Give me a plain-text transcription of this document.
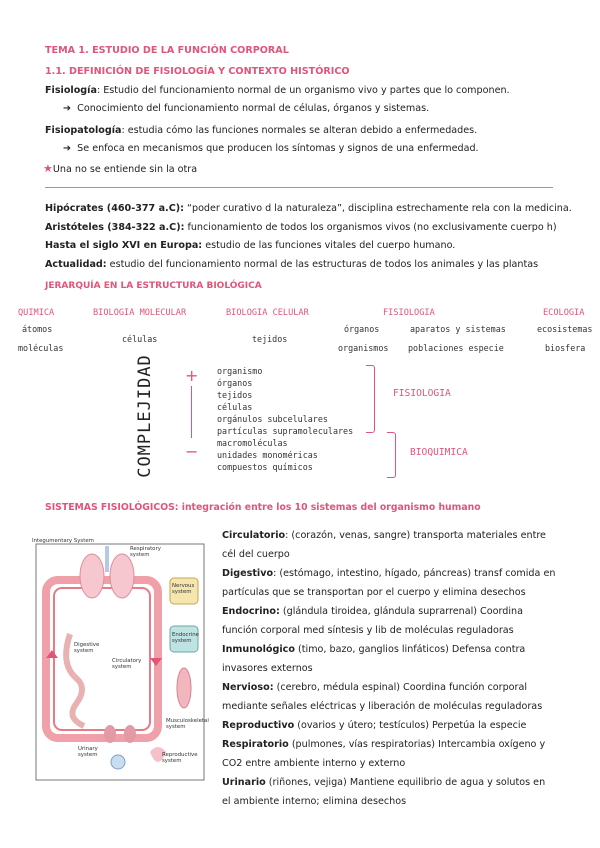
TEMA 1. ESTUDIO DE LA FUNCIÓN CORPORAL
1.1. DEFINICIÓN DE FISIOLOGÍA Y CONTEXTO HISTÓRICO
Fisiología: Estudio del funcionamiento normal de un organismo vivo y partes que lo componen.
➔ Conocimiento del funcionamiento normal de células, órganos y sistemas.
Fisiopatología: estudia cómo las funciones normales se alteran debido a enfermedades.
➔ Se enfoca en mecanismos que producen los síntomas y signos de una enfermedad.
★Una no se entiende sin la otra
Hipócrates (460-377 a.C): “poder curativo d la naturaleza”, disciplina estrechamente rela con la medicina.
Aristóteles (384-322 a.C): funcionamiento de todos los organismos vivos (no exclusivamente cuerpo h)
Hasta el siglo XVI en Europa: estudio de las funciones vitales del cuerpo humano.
Actualidad: estudio del funcionamiento normal de las estructuras de todos los animales y las plantas
JERARQUÍA EN LA ESTRUCTURA BIOLÓGICA
QUIMICA
átomos
moléculas
BIOLOGIA MOLECULAR
células
BIOLOGIA CELULAR
tejidos
FISIOLOGIA
órganos
organismos
aparatos y sistemas
poblaciones especie
ECOLOGIA
ecosistemas
biosfera
COMPLEJIDAD +
−
organismo
órganos
tejidos
células
orgánulos subcelulares
partículas supramoleculares
macromoléculas
unidades monoméricas
compuestos químicos
FISIOLOGIA
BIOQUIMICA
SISTEMAS FISIOLÓGICOS: integración entre los 10 sistemas del organismo humano
Integumentary System
Respiratory system
Nervous system
Endocrine system
Digestive system
Circulatory system
Musculoskeletal system
Urinary system	Reproductive system
Circulatorio: (corazón, venas, sangre) transporta materiales entre
cél del cuerpo
Digestivo: (estómago, intestino, hígado, páncreas) transf comida en
partículas que se transportan por el cuerpo y elimina desechos
Endocrino: (glándula tiroidea, glándula suprarrenal) Coordina
función corporal med síntesis y lib de moléculas reguladoras
Inmunológico (timo, bazo, ganglios linfáticos) Defensa contra
invasores externos
Nervioso: (cerebro, médula espinal) Coordina función corporal
mediante señales eléctricas y liberación de moléculas reguladoras
Reproductivo (ovarios y útero; testículos) Perpetúa la especie
Respiratorio (pulmones, vías respiratorias) Intercambia oxígeno y
CO2 entre ambiente interno y externo
Urinario (riñones, vejiga) Mantiene equilibrio de agua y solutos en
el ambiente interno; elimina desechos
